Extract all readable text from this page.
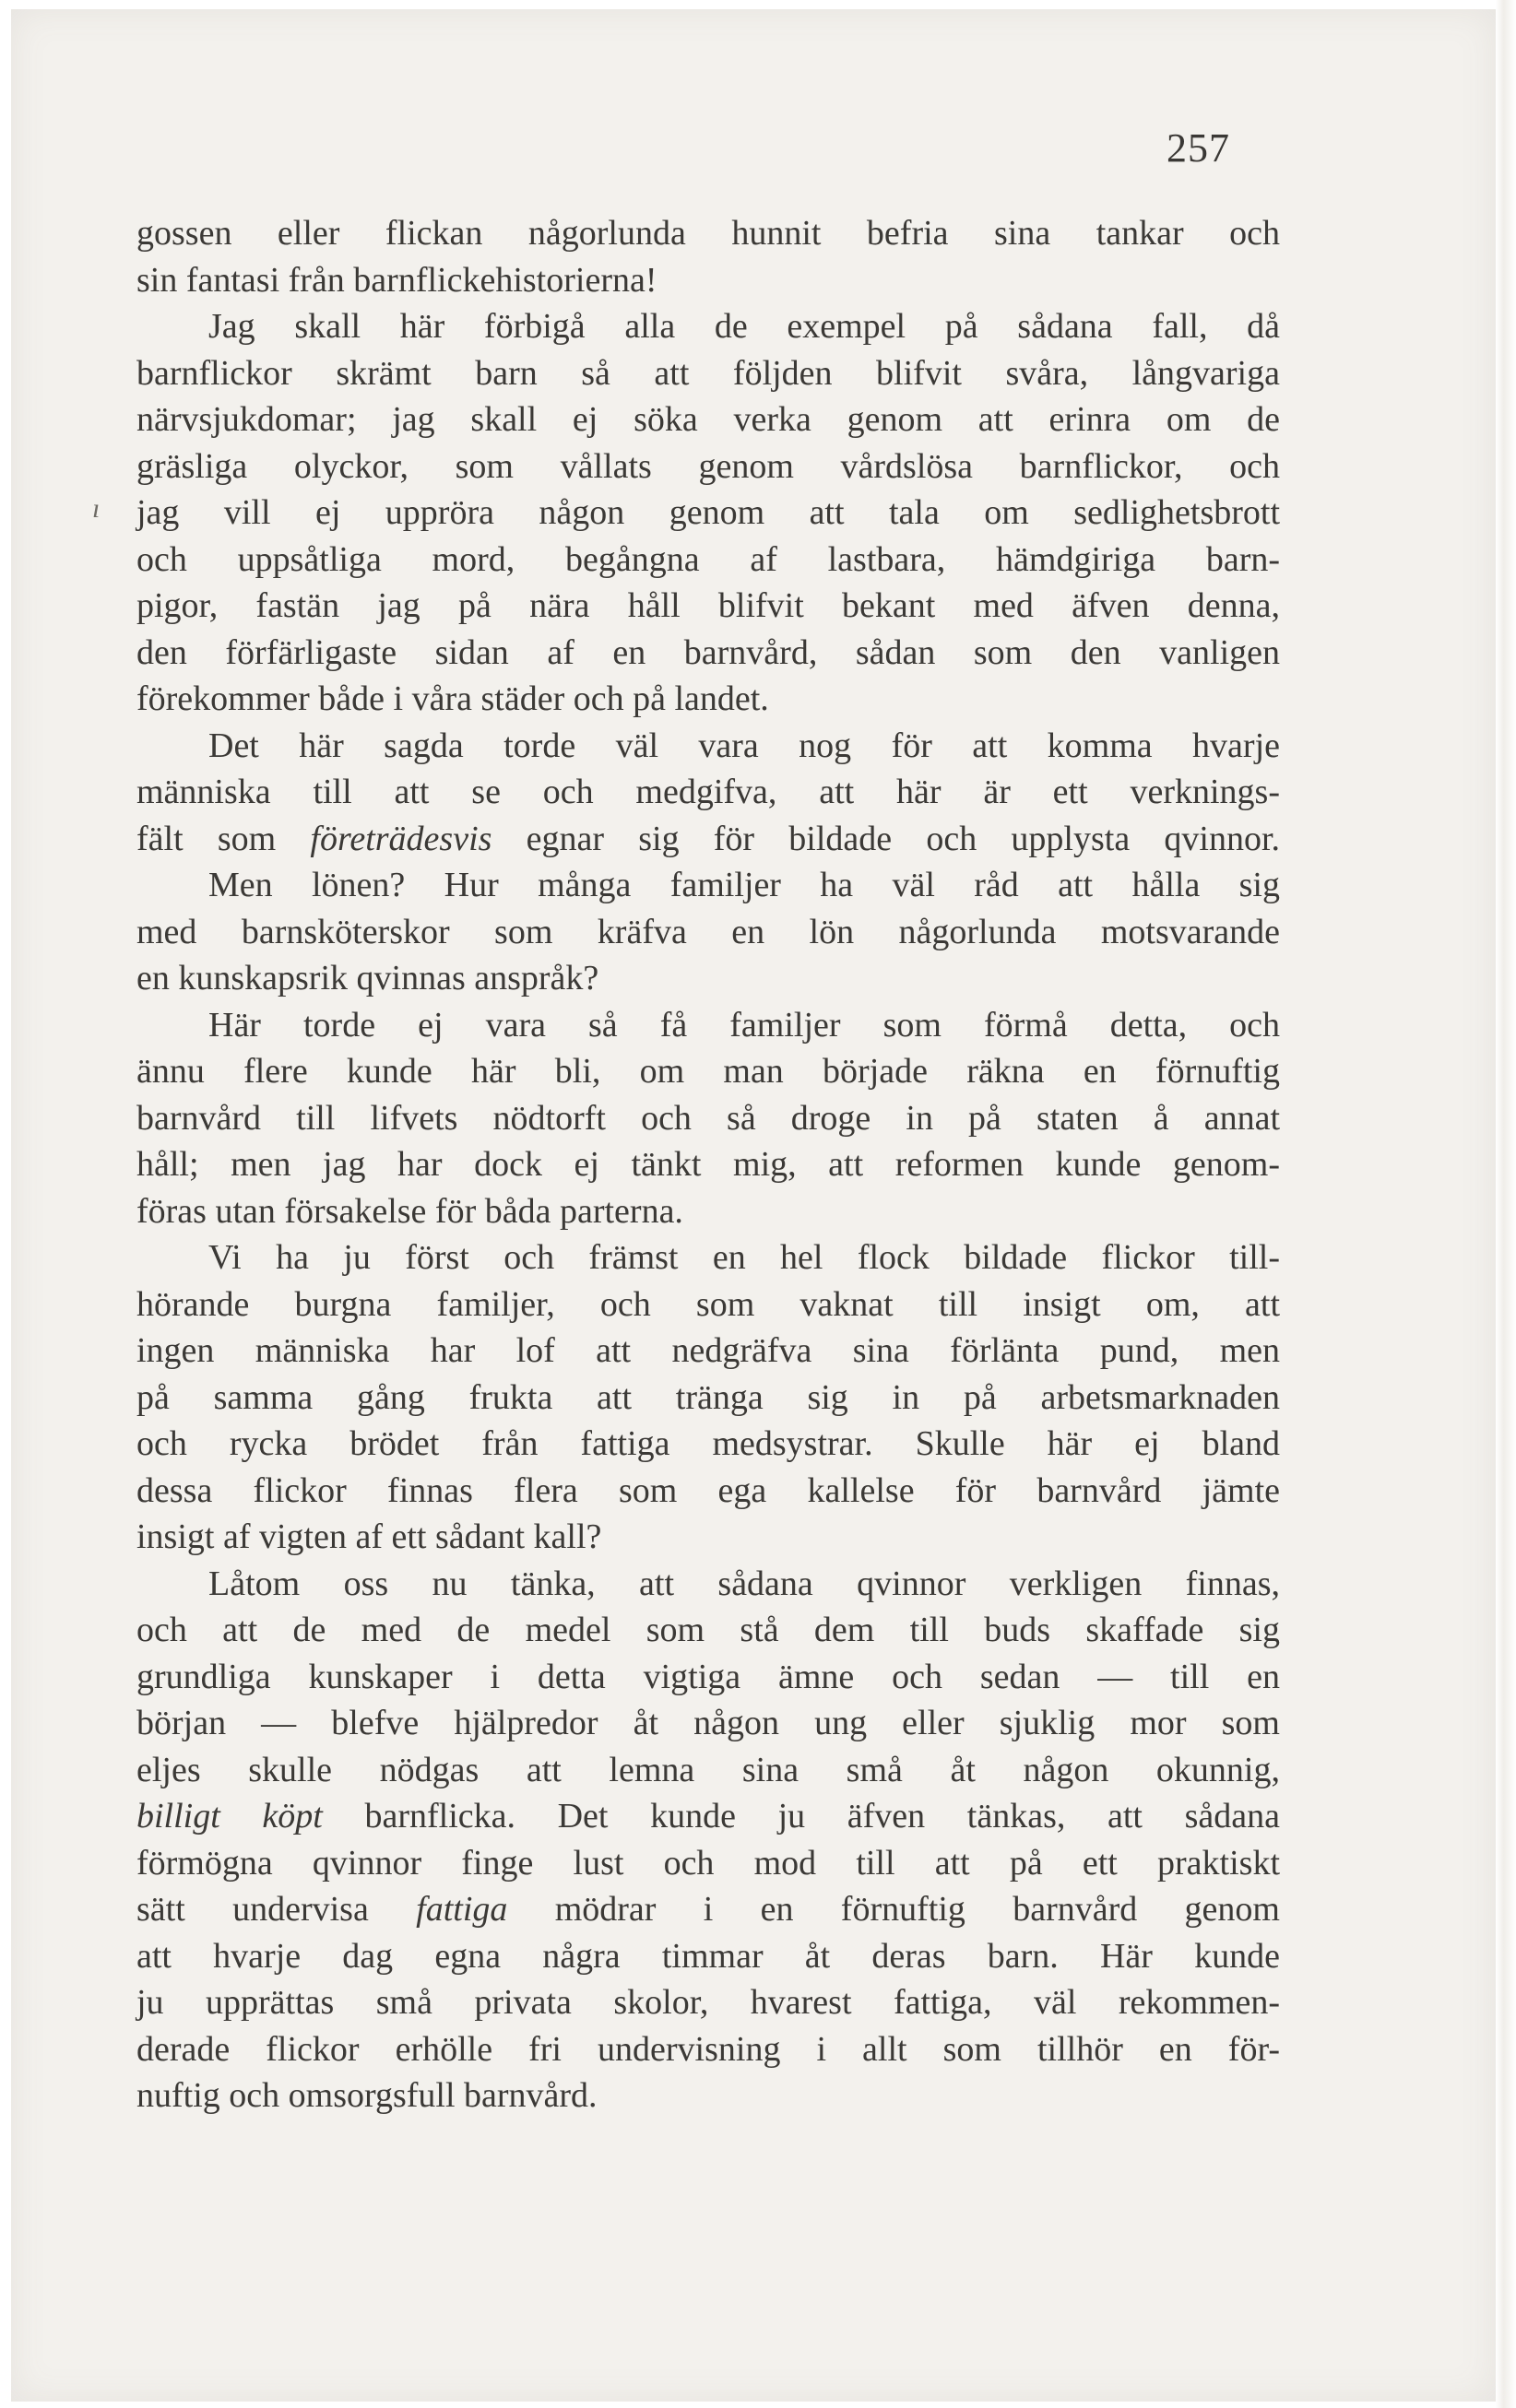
257
ı
gossen eller flickan någorlunda hunnit befria sina tankar och
sin fantasi från barnflickehistorierna!
Jag skall här förbigå alla de exempel på sådana fall, då
barnflickor skrämt barn så att följden blifvit svåra, långvariga
närvsjukdomar; jag skall ej söka verka genom att erinra om de
gräsliga olyckor, som vållats genom vårdslösa barnflickor, och
jag vill ej uppröra någon genom att tala om sedlighetsbrott
och uppsåtliga mord, begångna af lastbara, hämdgiriga barn-
pigor, fastän jag på nära håll blifvit bekant med äfven denna,
den förfärligaste sidan af en barnvård, sådan som den vanligen
förekommer både i våra städer och på landet.
Det här sagda torde väl vara nog för att komma hvarje
människa till att se och medgifva, att här är ett verknings-
fält som företrädesvis egnar sig för bildade och upplysta qvinnor.
Men lönen? Hur många familjer ha väl råd att hålla sig
med barnsköterskor som kräfva en lön någorlunda motsvarande
en kunskapsrik qvinnas anspråk?
Här torde ej vara så få familjer som förmå detta, och
ännu flere kunde här bli, om man började räkna en förnuftig
barnvård till lifvets nödtorft och så droge in på staten å annat
håll; men jag har dock ej tänkt mig, att reformen kunde genom-
föras utan försakelse för båda parterna.
Vi ha ju först och främst en hel flock bildade flickor till-
hörande burgna familjer, och som vaknat till insigt om, att
ingen människa har lof att nedgräfva sina förlänta pund, men
på samma gång frukta att tränga sig in på arbetsmarknaden
och rycka brödet från fattiga medsystrar. Skulle här ej bland
dessa flickor finnas flera som ega kallelse för barnvård jämte
insigt af vigten af ett sådant kall?
Låtom oss nu tänka, att sådana qvinnor verkligen finnas,
och att de med de medel som stå dem till buds skaffade sig
grundliga kunskaper i detta vigtiga ämne och sedan — till en
början — blefve hjälpredor åt någon ung eller sjuklig mor som
eljes skulle nödgas att lemna sina små åt någon okunnig,
billigt köpt barnflicka. Det kunde ju äfven tänkas, att sådana
förmögna qvinnor finge lust och mod till att på ett praktiskt
sätt undervisa fattiga mödrar i en förnuftig barnvård genom
att hvarje dag egna några timmar åt deras barn. Här kunde
ju upprättas små privata skolor, hvarest fattiga, väl rekommen-
derade flickor erhölle fri undervisning i allt som tillhör en för-
nuftig och omsorgsfull barnvård.
